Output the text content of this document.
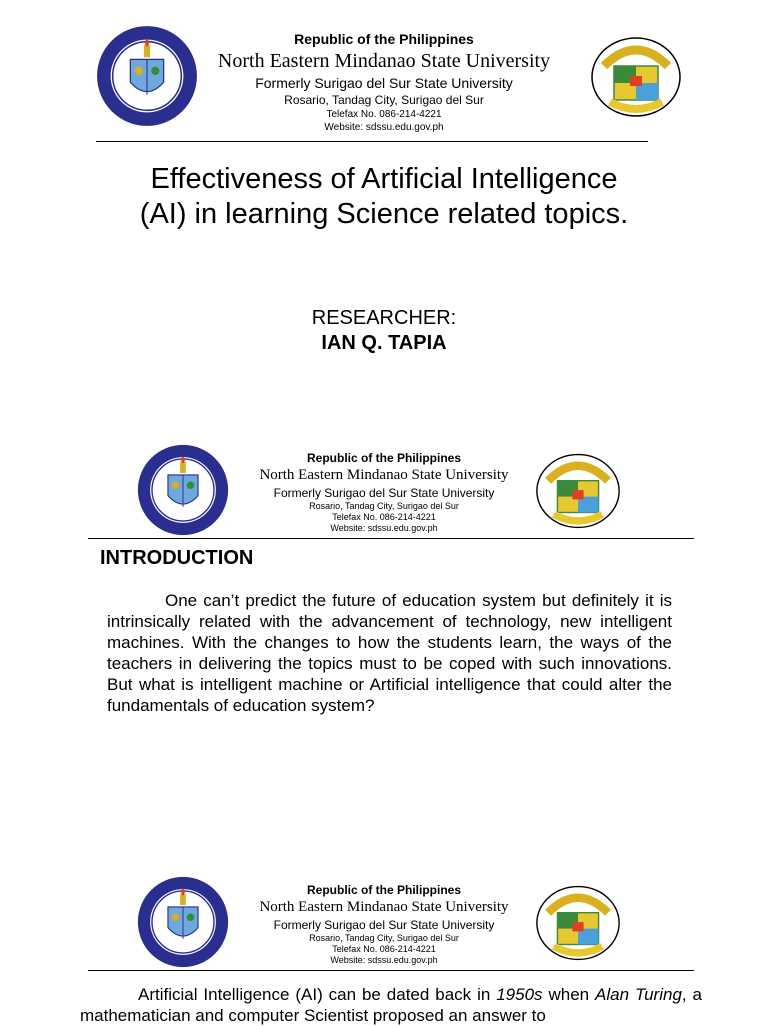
Republic of the Philippines
North Eastern Mindanao State University
Formerly Surigao del Sur State University
Rosario, Tandag City, Surigao del Sur
Telefax No. 086-214-4221
Website: sdssu.edu.gov.ph
Effectiveness of Artificial Intelligence
(AI) in learning Science related topics.
RESEARCHER:
IAN Q. TAPIA
Republic of the Philippines
North Eastern Mindanao State University
Formerly Surigao del Sur State University
Rosario, Tandag City, Surigao del Sur
Telefax No. 086-214-4221
Website: sdssu.edu.gov.ph
INTRODUCTION
One can’t predict the future of education system but definitely it is intrinsically related with the advancement of technology, new intelligent machines. With the changes to how the students learn, the ways of the teachers in delivering the topics must to be coped with such innovations. But what is intelligent machine or Artificial intelligence that could alter the fundamentals of education system?
Republic of the Philippines
North Eastern Mindanao State University
Formerly Surigao del Sur State University
Rosario, Tandag City, Surigao del Sur
Telefax No. 086-214-4221
Website: sdssu.edu.gov.ph
Artificial Intelligence (AI) can be dated back in 1950s when Alan Turing, a mathematician and computer Scientist proposed an answer to
